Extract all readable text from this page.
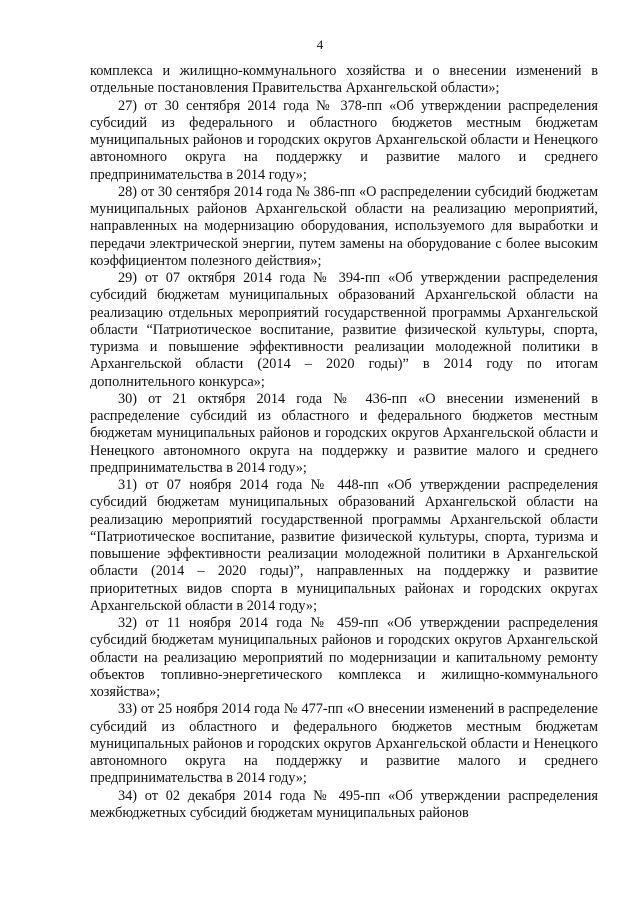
4

комплекса и жилищно-коммунального хозяйства и о внесении изменений в отдельные постановления Правительства Архангельской области»;

27) от 30 сентября 2014 года № 378-пп «Об утверждении распределения субсидий из федерального и областного бюджетов местным бюджетам муниципальных районов и городских округов Архангельской области и Ненецкого автономного округа на поддержку и развитие малого и среднего предпринимательства в 2014 году»;

28) от 30 сентября 2014 года № 386-пп «О распределении субсидий бюджетам муниципальных районов Архангельской области на реализацию мероприятий, направленных на модернизацию оборудования, используемого для выработки и передачи электрической энергии, путем замены на оборудование с более высоким коэффициентом полезного действия»;

29) от 07 октября 2014 года № 394-пп «Об утверждении распределения субсидий бюджетам муниципальных образований Архангельской области на реализацию отдельных мероприятий государственной программы Архангельской области “Патриотическое воспитание, развитие физической культуры, спорта, туризма и повышение эффективности реализации молодежной политики в Архангельской области (2014 – 2020 годы)” в 2014 году по итогам дополнительного конкурса»;

30) от 21 октября 2014 года № 436-пп «О внесении изменений в распределение субсидий из областного и федерального бюджетов местным бюджетам муниципальных районов и городских округов Архангельской области и Ненецкого автономного округа на поддержку и развитие малого и среднего предпринимательства в 2014 году»;

31) от 07 ноября 2014 года № 448-пп «Об утверждении распределения субсидий бюджетам муниципальных образований Архангельской области на реализацию мероприятий государственной программы Архангельской области “Патриотическое воспитание, развитие физической культуры, спорта, туризма и повышение эффективности реализации молодежной политики в Архангельской области (2014 – 2020 годы)”, направленных на поддержку и развитие приоритетных видов спорта в муниципальных районах и городских округах Архангельской области в 2014 году»;

32) от 11 ноября 2014 года № 459-пп «Об утверждении распределения субсидий бюджетам муниципальных районов и городских округов Архангельской области на реализацию мероприятий по модернизации и капитальному ремонту объектов топливно-энергетического комплекса и жилищно-коммунального хозяйства»;

33) от 25 ноября 2014 года № 477-пп «О внесении изменений в распределение субсидий из областного и федерального бюджетов местным бюджетам муниципальных районов и городских округов Архангельской области и Ненецкого автономного округа на поддержку и развитие малого и среднего предпринимательства в 2014 году»;

34) от 02 декабря 2014 года № 495-пп «Об утверждении распределения межбюджетных субсидий бюджетам муниципальных районов
